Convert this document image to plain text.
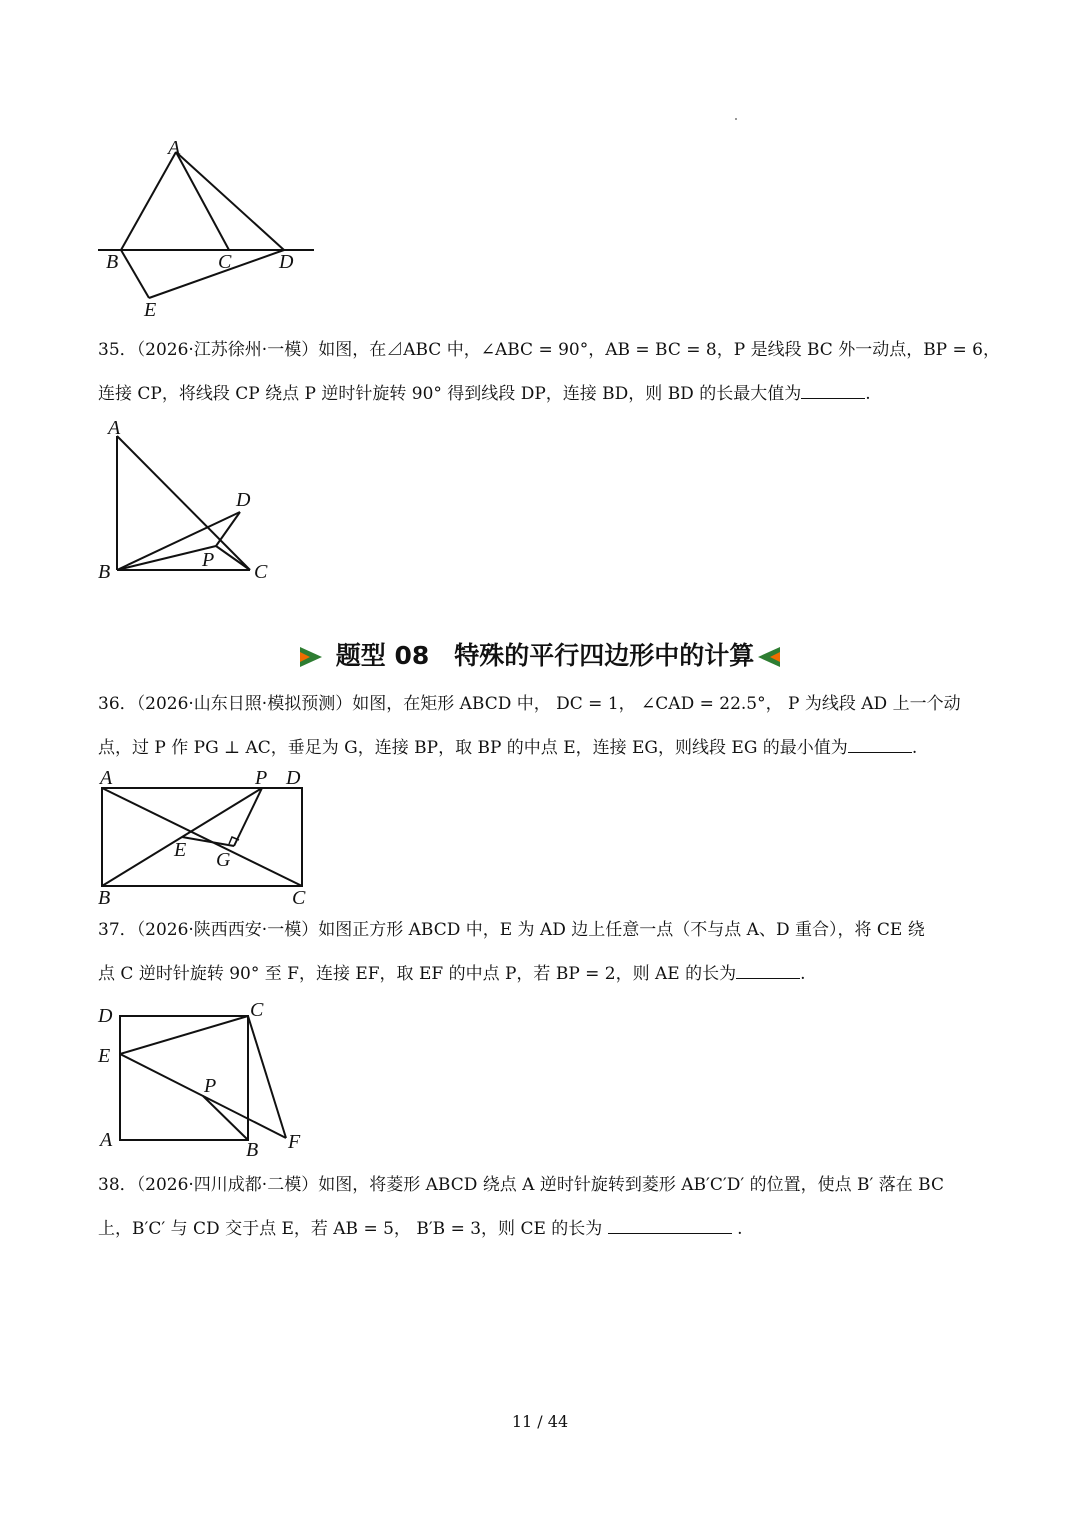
A
B	C D
E
35．（2026·江苏徐州·一模）如图，在⊿ABC 中，∠ABC = 90°，AB = BC = 8，P 是线段 BC 外一动点，BP = 6，
连接 CP，将线段 CP 绕点 P 逆时针旋转 90° 得到线段 DP，连接 BD，则 BD 的长最大值为	.
A
B	C
D
P
题型 08　特殊的平行四边形中的计算
36．（2026·山东日照·模拟预测）如图，在矩形 ABCD 中， DC = 1， ∠CAD = 22.5°， P 为线段 AD 上一个动
点，过 P 作 PG ⊥ AC，垂足为 G，连接 BP，取 BP 的中点 E，连接 EG，则线段 EG 的最小值为	.
A	P D
E G
B	C
37．（2026·陕西西安·一模）如图正方形 ABCD 中，E 为 AD 边上任意一点（不与点 A、D 重合），将 CE 绕
点 C 逆时针旋转 90° 至 F，连接 EF，取 EF 的中点 P，若 BP = 2，则 AE 的长为	.
D	C
E
P
A	B F
38．（2026·四川成都·二模）如图，将菱形 ABCD 绕点 A 逆时针旋转到菱形 AB′C′D′ 的位置，使点 B′ 落在 BC
上，B′C′ 与 CD 交于点 E，若 AB = 5， B′B = 3，则 CE 的长为	.
11 / 44
